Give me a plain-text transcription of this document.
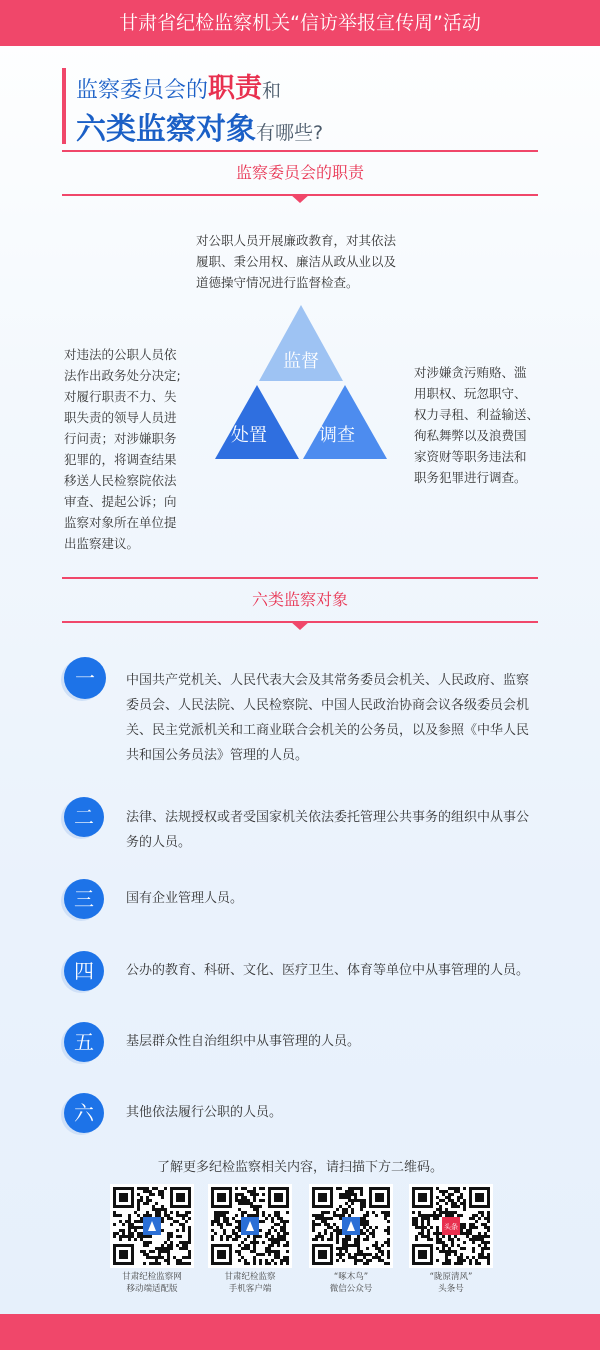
甘肃省纪检监察机关“信访举报宣传周”活动
监察委员会的职责和
六类监察对象有哪些?
监察委员会的职责
对公职人员开展廉政教育，对其依法
履职、秉公用权、廉洁从政从业以及
道德操守情况进行监督检查。
对违法的公职人员依
法作出政务处分决定;
对履行职责不力、失
职失责的领导人员进
行问责；对涉嫌职务
犯罪的，将调查结果
移送人民检察院依法
审查、提起公诉；向
监察对象所在单位提
出监察建议。
对涉嫌贪污贿赂、滥
用职权、玩忽职守、
权力寻租、利益输送、
徇私舞弊以及浪费国
家资财等职务违法和
职务犯罪进行调查。
监督
处置	调查
六类监察对象
一	中国共产党机关、人民代表大会及其常务委员会机关、人民政府、监察
委员会、人民法院、人民检察院、中国人民政治协商会议各级委员会机
关、民主党派机关和工商业联合会机关的公务员，以及参照《中华人民
共和国公务员法》管理的人员。
二	法律、法规授权或者受国家机关依法委托管理公共事务的组织中从事公
务的人员。
三	国有企业管理人员。
四	公办的教育、科研、文化、医疗卫生、体育等单位中从事管理的人员。
五	基层群众性自治组织中从事管理的人员。
六	其他依法履行公职的人员。
了解更多纪检监察相关内容，请扫描下方二维码。
甘肃纪检监察网
移动端适配版
甘肃纪检监察
手机客户端
“啄木鸟”
微信公众号
头条
“陇原清风”
头条号
